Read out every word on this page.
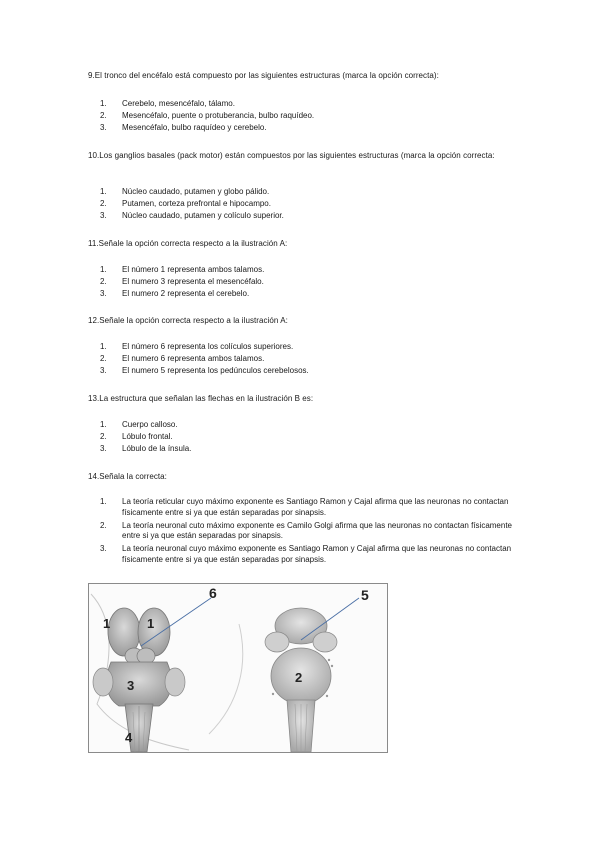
9.El tronco del encéfalo está compuesto por las siguientes estructuras (marca la opción correcta):
1. Cerebelo, mesencéfalo, tálamo.
2. Mesencéfalo, puente o protuberancia, bulbo raquídeo.
3. Mesencéfalo, bulbo raquídeo y cerebelo.
10.Los ganglios basales (pack motor) están compuestos por las siguientes estructuras (marca la opción correcta:
1. Núcleo caudado, putamen y globo pálido.
2. Putamen, corteza prefrontal e hipocampo.
3. Núcleo caudado, putamen y colículo superior.
11.Señale la opción correcta respecto a la ilustración A:
1. El número 1 representa ambos talamos.
2. El numero 3 representa el mesencéfalo.
3. El numero 2 representa el cerebelo.
12.Señale la opción correcta respecto a la ilustración A:
1. El número 6 representa los colículos superiores.
2. El numero 6 representa ambos talamos.
3. El numero 5 representa los pedúnculos cerebelosos.
13.La estructura que señalan las flechas en la ilustración B es:
1. Cuerpo calloso.
2. Lóbulo frontal.
3. Lóbulo de la ínsula.
14.Señala la correcta:
1. La teoría reticular cuyo máximo exponente es Santiago Ramon y Cajal afirma que las neuronas no contactan físicamente entre si ya que están separadas por sinapsis.
2. La teoría neuronal cuto máximo exponente es Camilo Golgi afirma que las neuronas no contactan físicamente entre si ya que están separadas por sinapsis.
3. La teoría neuronal cuyo máximo exponente es Santiago Ramon y Cajal afirma que las neuronas no contactan físicamente entre si ya que están separadas por sinapsis.
1	1
3
4
6	5
2
